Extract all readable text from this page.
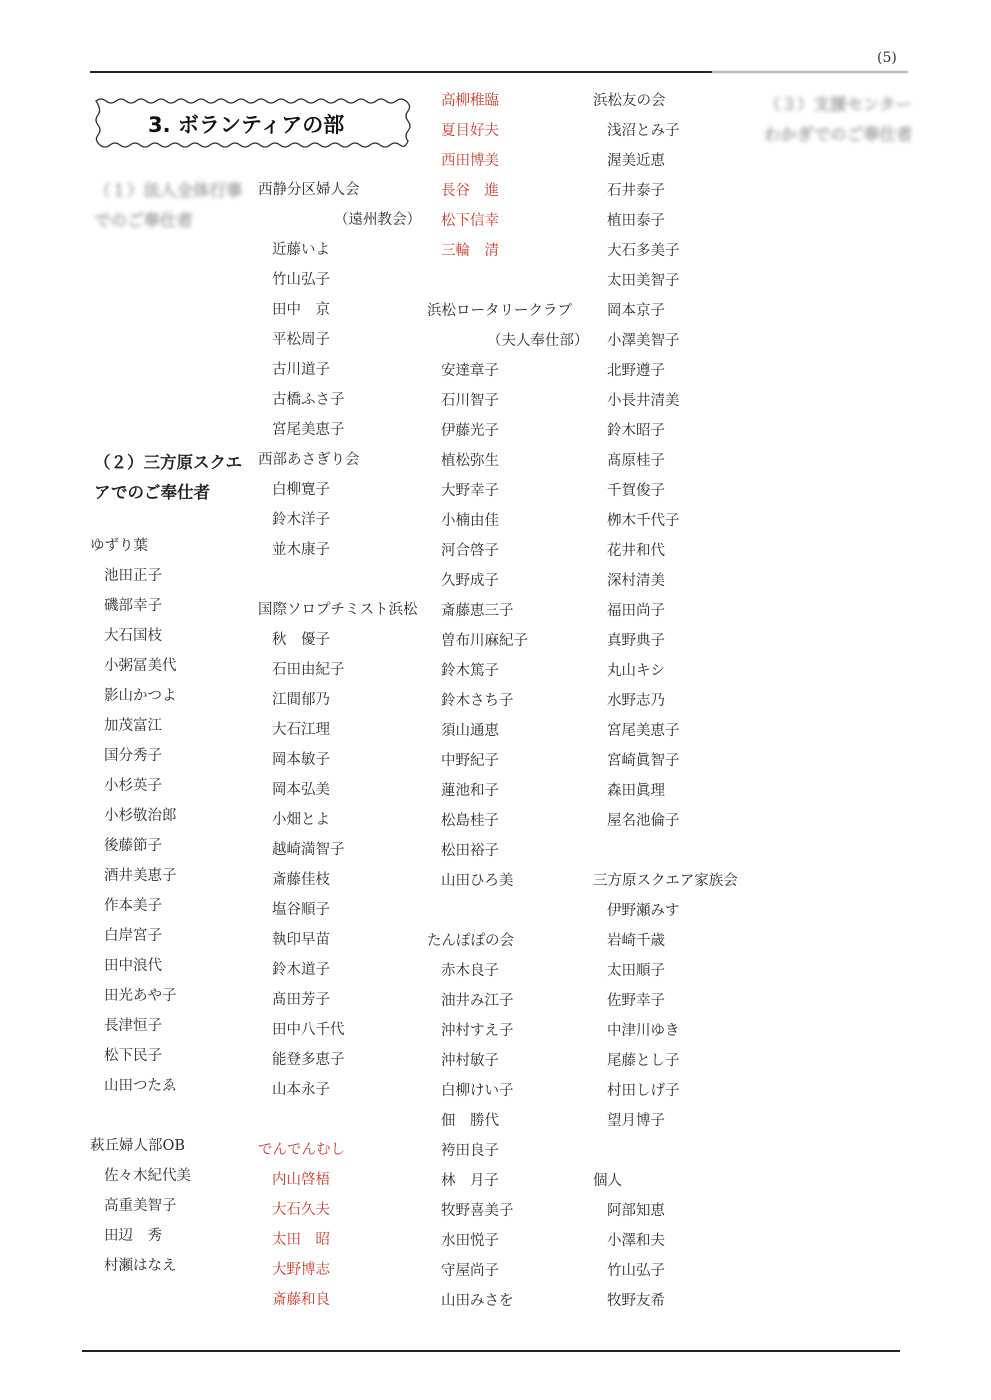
(5)
3. ボランティアの部
（１）法人全体行事でのご奉仕者
（２）三方原スクエアでのご奉仕者
（３）支援センターわかぎでのご奉仕者
ゆずり葉
池田正子
磯部幸子
大石国枝
小粥冨美代
影山かつよ
加茂富江
国分秀子
小杉英子
小杉敬治郎
後藤節子
酒井美恵子
作本美子
白岸宮子
田中浪代
田光あや子
長津恒子
松下民子
山田つたゑ
萩丘婦人部OB
佐々木紀代美
高重美智子
田辺　秀
村瀬はなえ
西静分区婦人会
（遠州教会）
近藤いよ
竹山弘子
田中　京
平松周子
古川道子
古橋ふさ子
宮尾美恵子
西部あさぎり会
白柳寛子
鈴木洋子
並木康子
国際ソロプチミスト浜松
秋　優子
石田由紀子
江間郁乃
大石江理
岡本敏子
岡本弘美
小畑とよ
越崎満智子
斎藤佳枝
塩谷順子
執印早苗
鈴木道子
髙田芳子
田中八千代
能登多恵子
山本永子
でんでんむし
内山啓梧
大石久夫
太田　昭
大野博志
斎藤和良
高柳稚臨
夏目好夫
西田博美
長谷　進
松下信幸
三輪　清
浜松ロータリークラブ
（夫人奉仕部）
安達章子
石川智子
伊藤光子
植松弥生
大野幸子
小楠由佳
河合啓子
久野成子
斎藤恵三子
曽布川麻紀子
鈴木篤子
鈴木さち子
須山通恵
中野紀子
蓮池和子
松島桂子
松田裕子
山田ひろ美
たんぽぽの会
赤木良子
油井み江子
沖村すえ子
沖村敏子
白柳けい子
佃　勝代
袴田良子
林　月子
牧野喜美子
水田悦子
守屋尚子
山田みさを
浜松友の会
浅沼とみ子
渥美近恵
石井泰子
植田泰子
大石多美子
太田美智子
岡本京子
小澤美智子
北野遵子
小長井清美
鈴木昭子
髙原桂子
千賀俊子
栁木千代子
花井和代
深村清美
福田尚子
真野典子
丸山キシ
水野志乃
宮尾美恵子
宮崎眞智子
森田眞理
屋名池倫子
三方原スクエア家族会
伊野瀬みす
岩崎千歳
太田順子
佐野幸子
中津川ゆき
尾藤とし子
村田しげ子
望月博子
個人
阿部知恵
小澤和夫
竹山弘子
牧野友希
